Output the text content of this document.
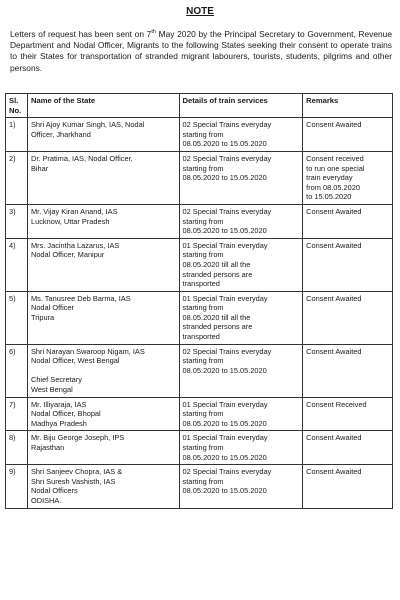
NOTE

Letters of request has been sent on 7th May 2020 by the Principal Secretary to Government, Revenue Department and Nodal Officer, Migrants to the following States seeking their consent to operate trains to their States for transportation of stranded migrant labourers, tourists, students, pilgrims and other persons.

Sl. No.	Name of the State	Details of train services	Remarks
1)	Shri Ajoy Kumar Singh, IAS, Nodal
Officer, Jharkhand	02 Special Trains everyday
starting from
08.05.2020 to 15.05.2020	Consent Awaited
2)	Dr. Pratima, IAS, Nodal Officer,
Bihar	02 Special Trains everyday
starting from
08.05.2020 to 15.05.2020	Consent received
to run one special
train everyday
from 08.05.2020
to 15.05.2020
3)	Mr. Vijay Kiran Anand, IAS
Lucknow, Uttar Pradesh	02 Special Trains everyday
starting from
08.05.2020 to 15.05.2020	Consent Awaited
4)	Mrs. Jacintha Lazarus, IAS
Nodal Officer, Manipur	01 Special Train everyday
starting from
08.05.2020 till all the
stranded persons are
transported	Consent Awaited
5)	Ms. Tanusree Deb Barma, IAS
Nodal Officer
Tripura	01 Special Train everyday
starting from
08.05.2020 till all the
stranded persons are
transported	Consent Awaited
6)	Shri Narayan Swaroop Nigam, IAS
Nodal Officer, West Bengal

Chief Secretary
West Bengal	02 Special Trains everyday
starting from
08.05.2020 to 15.05.2020	Consent Awaited
7)	Mr. Illiyaraja, IAS
Nodal Officer, Bhopal
Madhya Pradesh	01 Special Train everyday
starting from
08.05.2020 to 15.05.2020	Consent Received
8)	Mr. Biju George Joseph, IPS
Rajasthan	01 Special Train everyday
starting from
08.05.2020 to 15.05.2020	Consent Awaited
9)	Shri Sanjeev Chopra, IAS &
Shri Suresh Vashisth, IAS
Nodal Officers
ODISHA.	02 Special Trains everyday
starting from
08.05.2020 to 15.05.2020	Consent Awaited
